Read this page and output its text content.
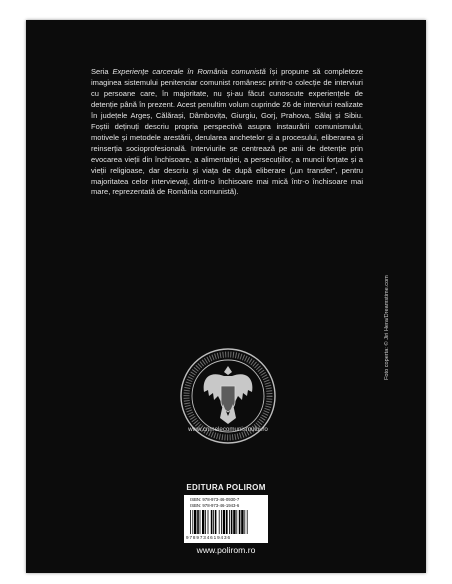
Seria Experiențe carcerale în România comunistă își propune să completeze imaginea sistemului penitenciar comunist românesc printr-o colecție de interviuri cu persoane care, în majoritate, nu și-au făcut cunoscute experiențele de detenție până în prezent. Acest penultim volum cuprinde 26 de interviuri realizate în județele Argeș, Călărași, Dâmbovița, Giurgiu, Gorj, Prahova, Sălaj și Sibiu. Foștii deținuți descriu propria perspectivă asupra instaurării comunismului, motivele și metodele arestării, derularea anchetelor și a procesului, eliberarea și reinserția socioprofesională. Interviurile se centrează pe anii de detenție prin evocarea vieții din închisoare, a alimentației, a persecuțiilor, a muncii forțate și a vieții religioase, dar descriu și viața de după eliberare („un transfer”, pentru majoritatea celor intervievați, dintr-o închisoare mai mică într-o închisoare mai mare, reprezentată de România comunistă).

www.crimelecomunismului.ro
Foto coperta: © Jiri Hera/Dreamstime.com
EDITURA POLIROM
ISBN: 978-973-46-0930-7
ISBN: 978-973-46-1943-6
9789734619436
www.polirom.ro
